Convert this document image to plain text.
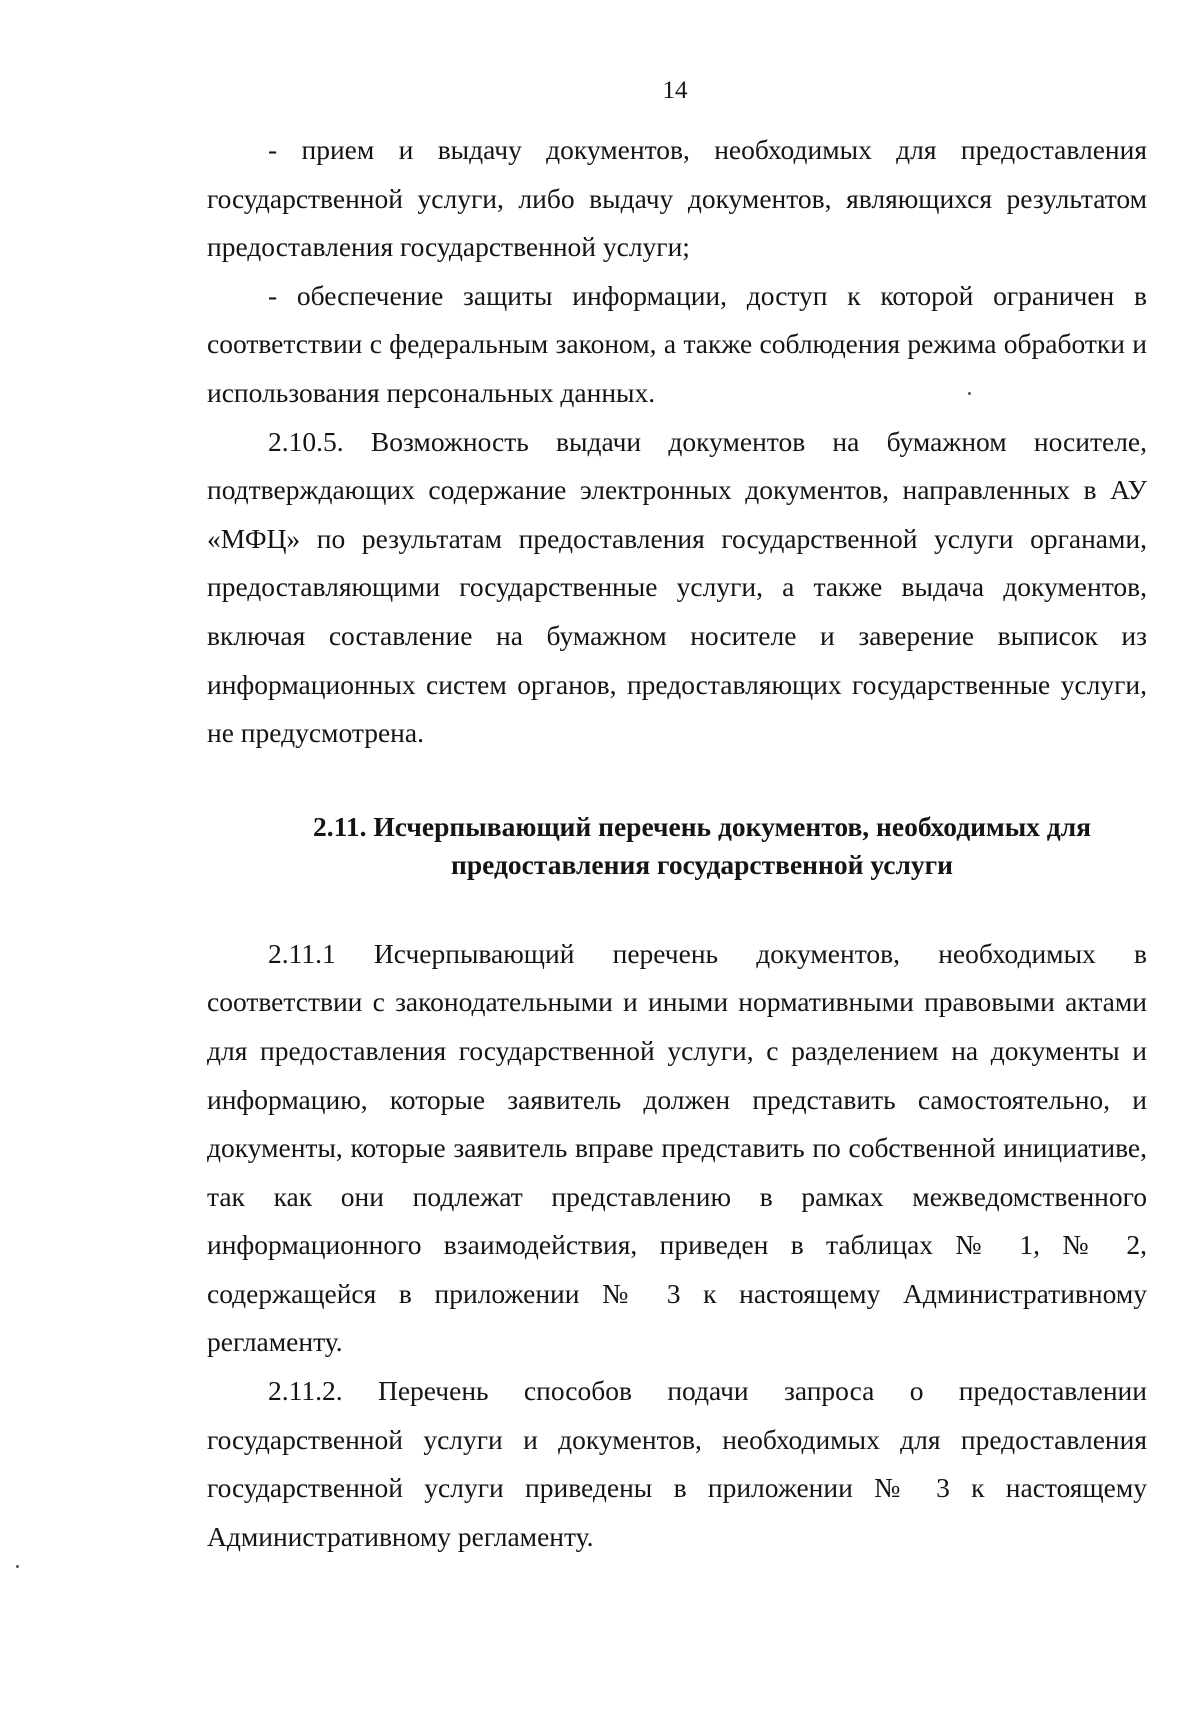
14

- прием и выдачу документов, необходимых для предоставления государственной услуги, либо выдачу документов, являющихся результатом предоставления государственной услуги;

- обеспечение защиты информации, доступ к которой ограничен в соответствии с федеральным законом, а также соблюдения режима обработки и использования персональных данных.

2.10.5. Возможность выдачи документов на бумажном носителе, подтверждающих содержание электронных документов, направленных в АУ «МФЦ» по результатам предоставления государственной услуги органами, предоставляющими государственные услуги, а также выдача документов, включая составление на бумажном носителе и заверение выписок из информационных систем органов, предоставляющих государственные услуги, не предусмотрена.

2.11. Исчерпывающий перечень документов, необходимых для
предоставления государственной услуги

2.11.1 Исчерпывающий перечень документов, необходимых в соответствии с законодательными и иными нормативными правовыми актами для предоставления государственной услуги, с разделением на документы и информацию, которые заявитель должен представить самостоятельно, и документы, которые заявитель вправе представить по собственной инициативе, так как они подлежат представлению в рамках межведомственного информационного взаимодействия, приведен в таблицах № 1, № 2, содержащейся в приложении № 3 к настоящему Административному регламенту.

2.11.2. Перечень способов подачи запроса о предоставлении государственной услуги и документов, необходимых для предоставления государственной услуги приведены в приложении № 3 к настоящему Административному регламенту.
